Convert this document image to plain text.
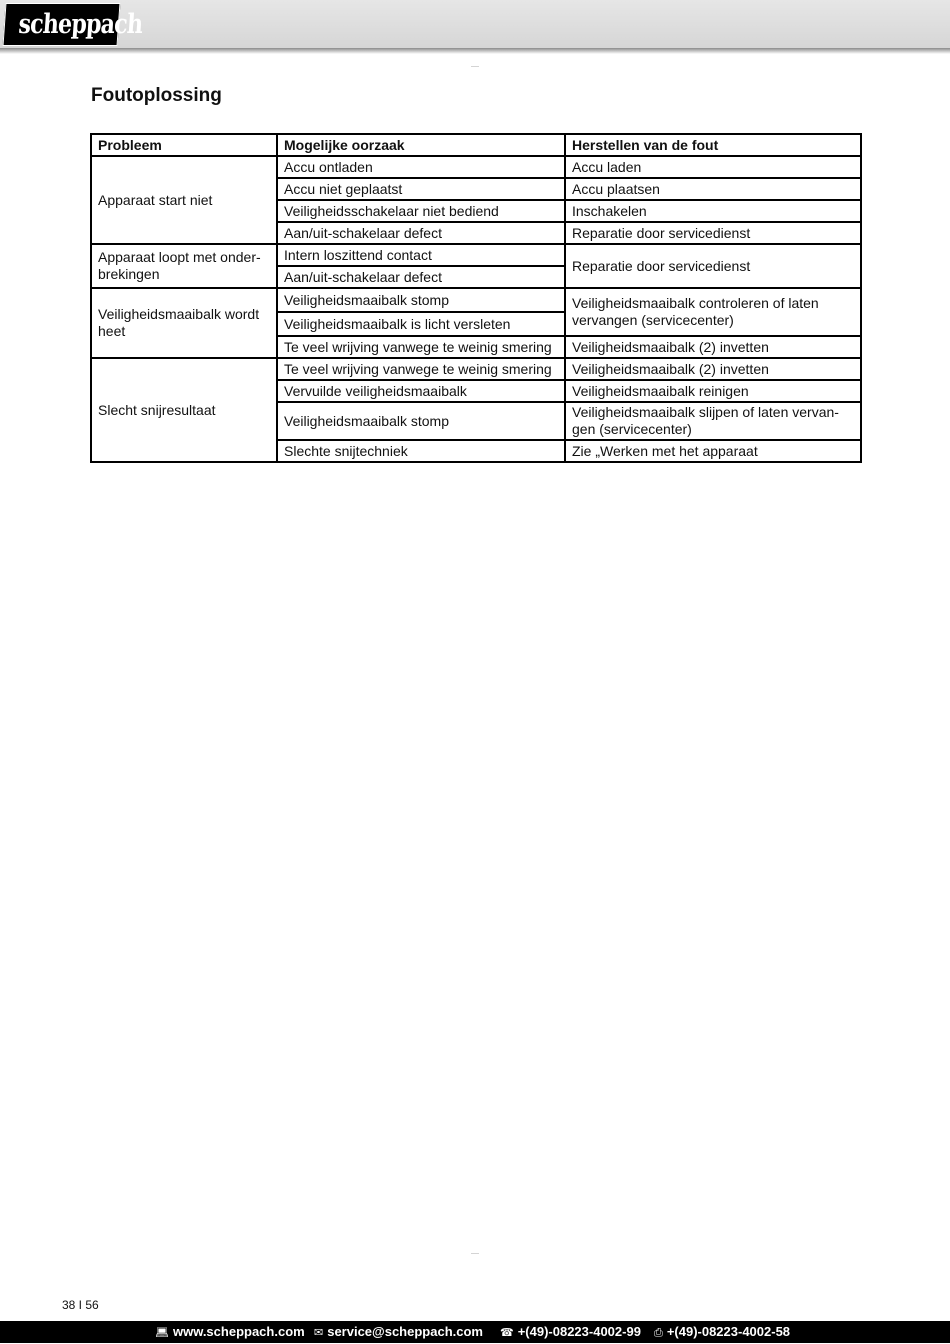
scheppach
Foutoplossing
Probleem	Mogelijke oorzaak	Herstellen van de fout
Apparaat start niet	Accu ontladen	Accu laden
	Accu niet geplaatst	Accu plaatsen
	Veiligheidsschakelaar niet bediend	Inschakelen
	Aan/uit-schakelaar defect	Reparatie door servicedienst
Apparaat loopt met onder-brekingen	Intern loszittend contact	Reparatie door servicedienst
	Aan/uit-schakelaar defect	
Veiligheidsmaaibalk wordt heet	Veiligheidsmaaibalk stomp	Veiligheidsmaaibalk controleren of laten vervangen (servicecenter)
	Veiligheidsmaaibalk is licht versleten	
	Te veel wrijving vanwege te weinig smering	Veiligheidsmaaibalk (2) invetten
Slecht snijresultaat	Te veel wrijving vanwege te weinig smering	Veiligheidsmaaibalk (2) invetten
	Vervuilde veiligheidsmaaibalk	Veiligheidsmaaibalk reinigen
	Veiligheidsmaaibalk stomp	Veiligheidsmaaibalk slijpen of laten vervan-gen (servicecenter)
	Slechte snijtechniek	Zie „Werken met het apparaat
38 I 56
💻︎ www.scheppach.com ✉ service@scheppach.com ☎ +(49)-08223-4002-99 ⎙ +(49)-08223-4002-58
